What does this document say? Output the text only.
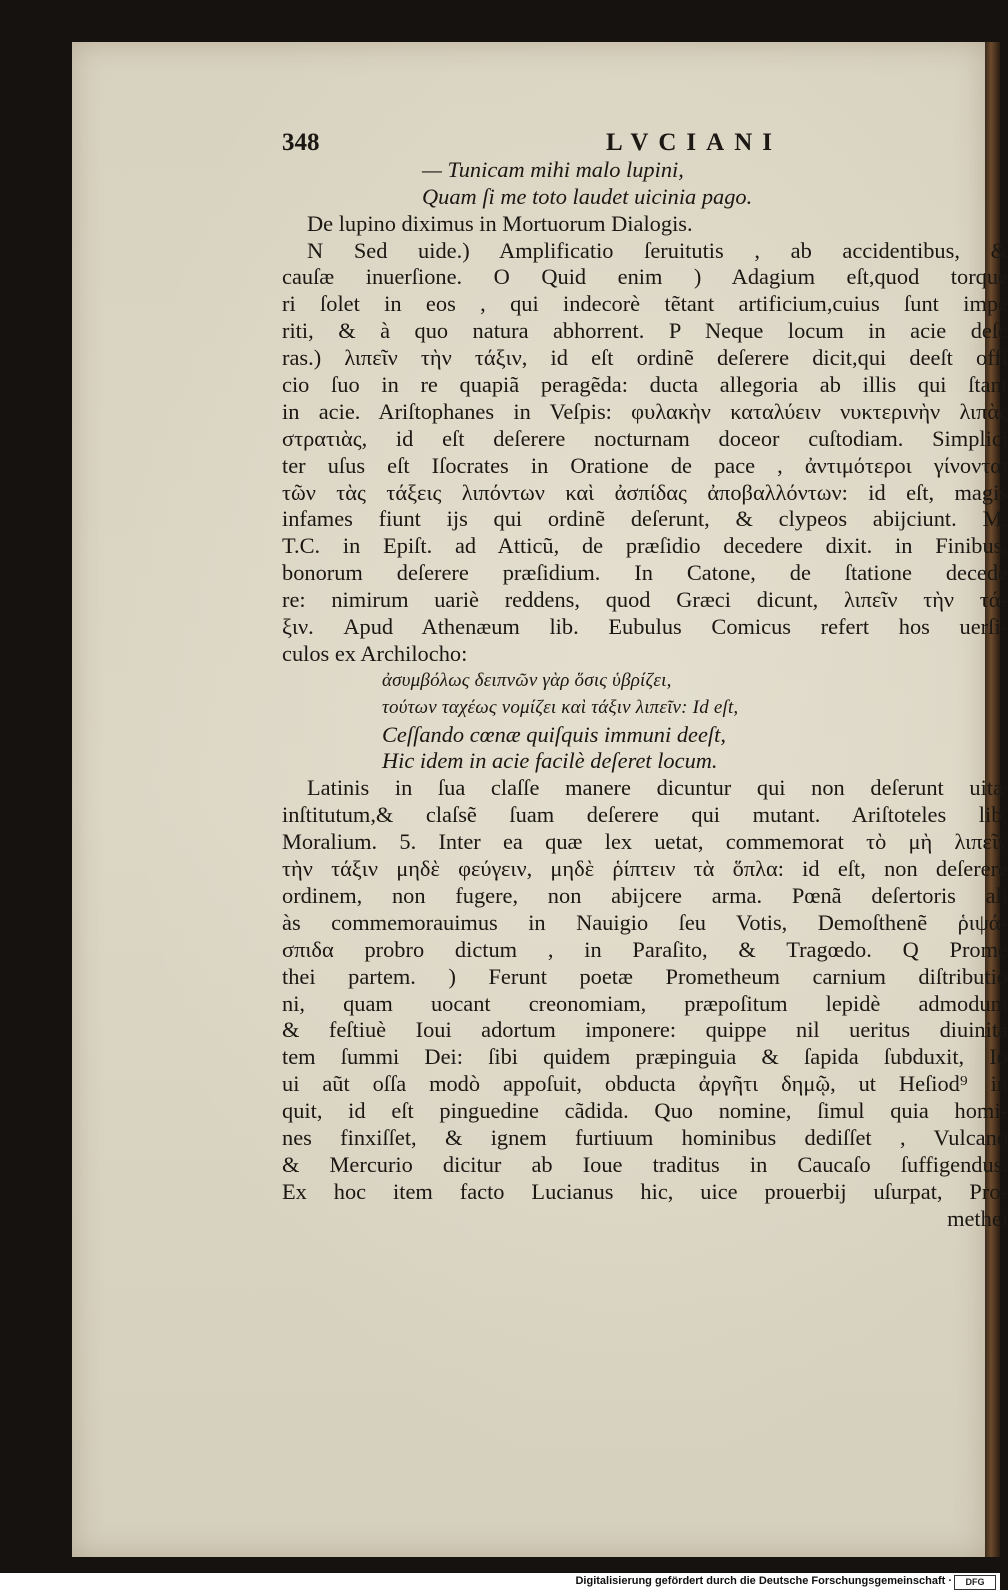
348	LVCIANI
— Tunicam mihi malo lupini,
Quam ſi me toto laudet uicinia pago.
De lupino diximus in Mortuorum Dialogis.
N Sed uide.) Amplificatio ſeruitutis , ab accidentibus, &
cauſæ inuerſione. O Quid enim ) Adagium eſt,quod torque
ri ſolet in eos , qui indecorè tẽtant artificium,cuius ſunt impe
riti, & à quo natura abhorrent. P Neque locum in acie deſe
ras.) λιπεῖν τὴν τάξιν, id eſt ordinẽ deſerere dicit,qui deeſt offi
cio ſuo in re quapiã peragẽda: ducta allegoria ab illis qui ſtant
in acie. Ariſtophanes in Veſpis: φυλακὴν καταλύειν νυκτερινὴν λιπὰς
στρατιὰς, id eſt deſerere nocturnam doceor cuſtodiam. Simplici
ter uſus eſt Iſocrates in Oratione de pace , ἀντιμότεροι γίνονται
τῶν τὰς τάξεις λιπόντων καὶ ἀσπίδας ἀποβαλλόντων: id eſt, magis
infames fiunt ijs qui ordinẽ deſerunt, & clypeos abijciunt. M.
T.C. in Epiſt. ad Atticũ, de præſidio decedere dixit. in Finibus,
bonorum deſerere præſidium. In Catone, de ſtatione decede
re: nimirum uariè reddens, quod Græci dicunt, λιπεῖν τὴν τά-
ξιν. Apud Athenæum lib. Eubulus Comicus refert hos uerſi-
culos ex Archilocho:
ἀσυμβόλως δειπνῶν γὰρ ὅσις ὑβρίζει,
τούτων ταχέως νομίζει καὶ τάξιν λιπεῖν: Id eſt,
Ceſſando cœnæ quiſquis immuni deeſt,
Hic idem in acie facilè deſeret locum.
Latinis in ſua claſſe manere dicuntur qui non deſerunt uitæ
inſtitutum,& claſsẽ ſuam deſerere qui mutant. Ariſtoteles lib.
Moralium. 5. Inter ea quæ lex uetat, commemorat τὸ μὴ λιπεῖν
τὴν τάξιν μηδὲ φεύγειν, μηδὲ ῥίπτειν τὰ ὅπλα: id eſt, non deſerere
ordinem, non fugere, non abijcere arma. Pœnã deſertoris ali
às commemorauimus in Nauigio ſeu Votis, Demoſthenẽ ῥιψά-
σπιδα probro dictum , in Paraſito, & Tragœdo. Q Prome
thei partem. ) Ferunt poetæ Prometheum carnium diſtributio
ni, quam uocant creonomiam, præpoſitum lepidè admodum
& feſtiuè Ioui adortum imponere: quippe nil ueritus diuinita
tem ſummi Dei: ſibi quidem præpinguia & ſapida ſubduxit, Io
ui aũt oſſa modò appoſuit, obducta ἀργῆτι δημῷ, ut Heſiod⁹ in
quit, id eſt pinguedine cãdida. Quo nomine, ſimul quia homi-
nes finxiſſet, & ignem furtiuum hominibus dediſſet , Vulcano
& Mercurio dicitur ab Ioue traditus in Caucaſo ſuffigendus.
Ex hoc item facto Lucianus hic, uice prouerbij uſurpat, Pro-
methei
Digitalisierung gefördert durch die Deutsche Forschungsgemeinschaft ·	DFG
